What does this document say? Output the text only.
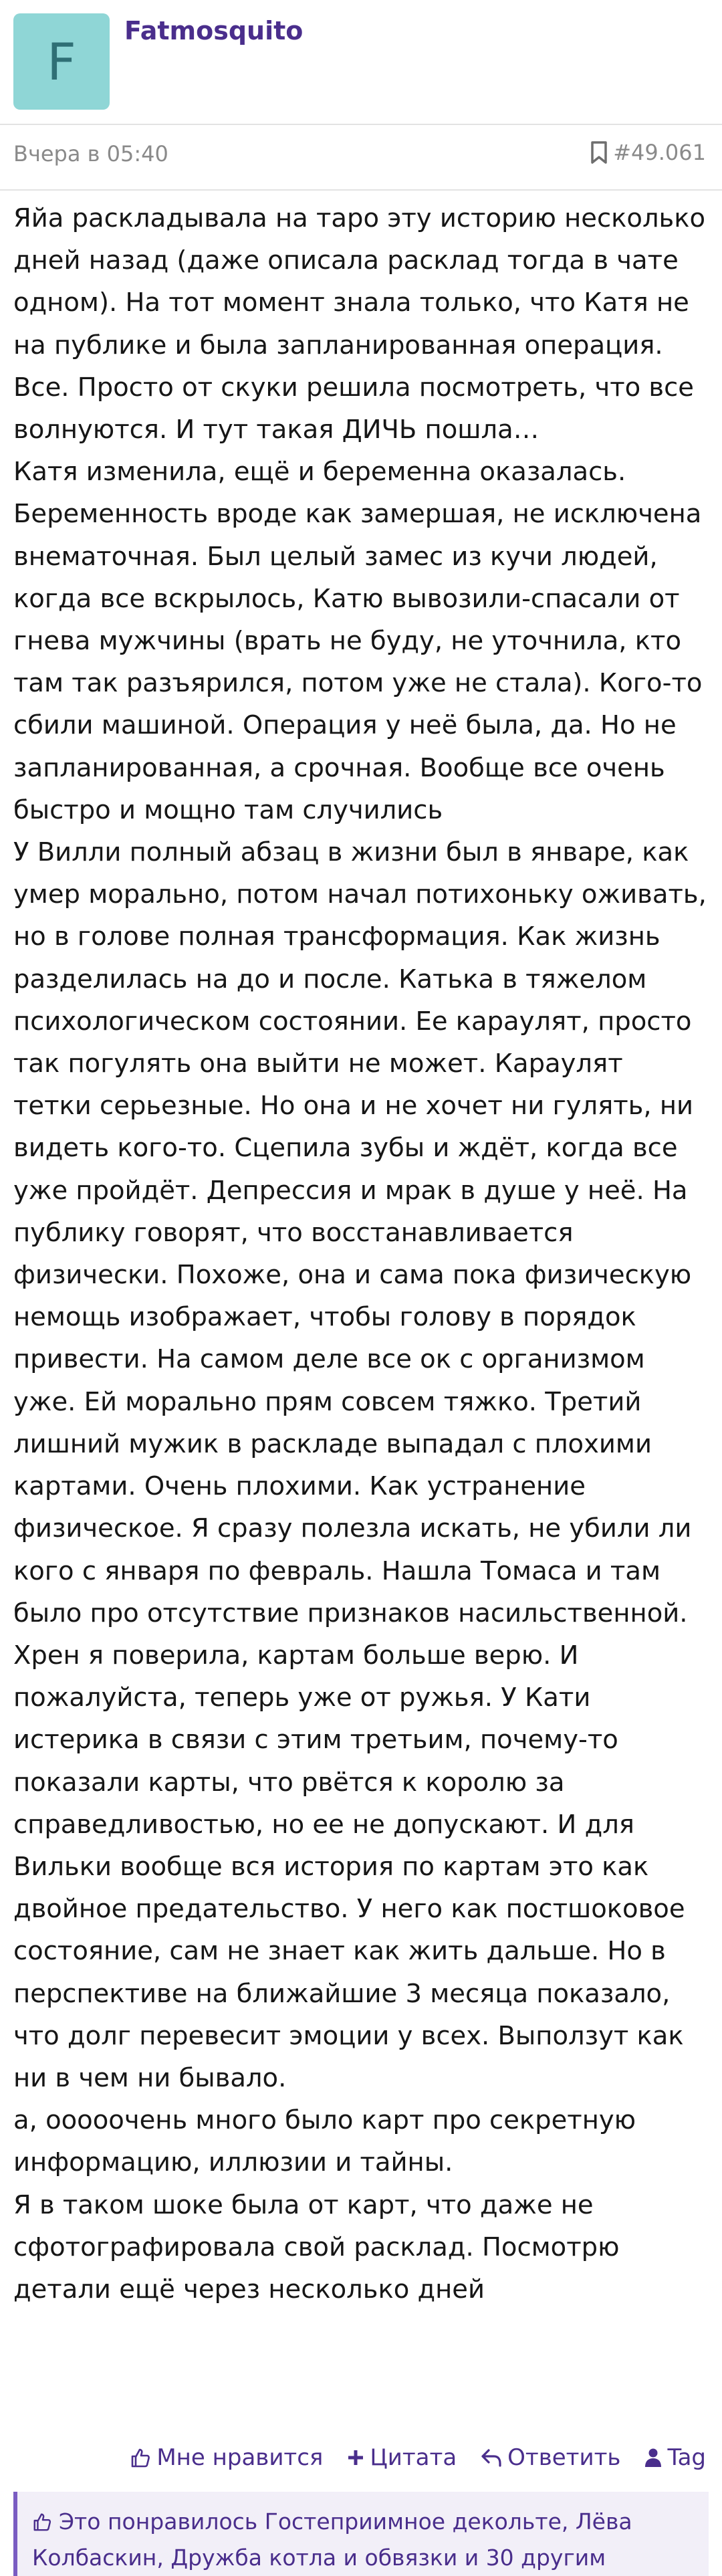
F
Fatmosquito
Вчера в 05:40	#49.061

Яйа раскладывала на таро эту историю несколько дней назад (даже описала расклад тогда в чате одном). На тот момент знала только, что Катя не на публике и была запланированная операция. Все. Просто от скуки решила посмотреть, что все волнуются. И тут такая ДИЧЬ пошла…

Катя изменила, ещё и беременна оказалась. Беременность вроде как замершая, не исключена внематочная. Был целый замес из кучи людей, когда все вскрылось, Катю вывозили-спасали от гнева мужчины (врать не буду, не уточнила, кто там так разъярился, потом уже не стала). Кого-то сбили машиной. Операция у неё была, да. Но не запланированная, а срочная. Вообще все очень быстро и мощно там случились

У Вилли полный абзац в жизни был в январе, как умер морально, потом начал потихоньку оживать, но в голове полная трансформация. Как жизнь разделилась на до и после. Катька в тяжелом психологическом состоянии. Ее караулят, просто так погулять она выйти не может. Караулят тетки серьезные. Но она и не хочет ни гулять, ни видеть кого-то. Сцепила зубы и ждёт, когда все уже пройдёт. Депрессия и мрак в душе у неё. На публику говорят, что восстанавливается физически. Похоже, она и сама пока физическую немощь изображает, чтобы голову в порядок привести. На самом деле все ок с организмом уже. Ей морально прям совсем тяжко. Третий лишний мужик в раскладе выпадал с плохими картами. Очень плохими. Как устранение физическое. Я сразу полезла искать, не убили ли кого с января по февраль. Нашла Томаса и там было про отсутствие признаков насильственной. Хрен я поверила, картам больше верю. И пожалуйста, теперь уже от ружья. У Кати истерика в связи с этим третьим, почему-то показали карты, что рвётся к королю за справедливостью, но ее не допускают. И для Вильки вообще вся история по картам это как двойное предательство. У него как постшоковое состояние, сам не знает как жить дальше. Но в перспективе на ближайшие 3 месяца показало, что долг перевесит эмоции у всех. Выползут как ни в чем ни бывало.

а, ооооочень много было карт про секретную информацию, иллюзии и тайны.

Я в таком шоке была от карт, что даже не сфотографировала свой расклад. Посмотрю детали ещё через несколько дней

Мне нравится Цитата Ответить Tag
Это понравилось Гостеприимное декольте, Лёва Колбаскин, Дружба котла и обвязки и 30 другим
